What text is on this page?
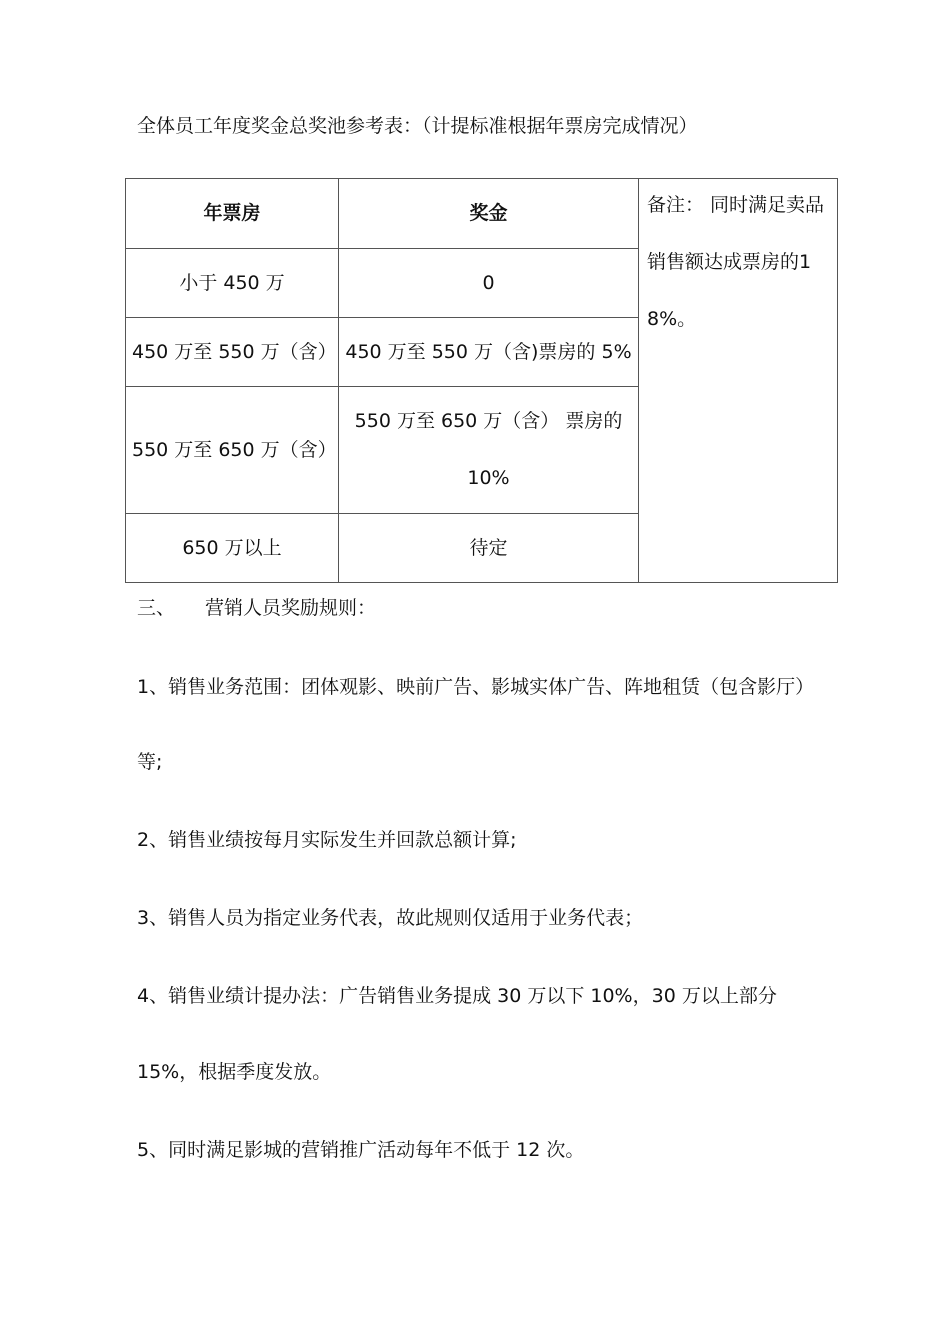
全体员工年度奖金总奖池参考表：（计提标准根据年票房完成情况）
年票房	奖金	备注： 同时满足卖品销售额达成票房的18%。

小于 450 万	0	
450 万至 550 万（含）	450 万至 550 万（含)票房的 5%	
550 万至 650 万（含）	550 万至 650 万（含） 票房的
10%	

650 万以上	待定	
三、 营销人员奖励规则：
1、销售业务范围：团体观影、映前广告、影城实体广告、阵地租赁（包含影厅）
等;
2、销售业绩按每月实际发生并回款总额计算;
3、销售人员为指定业务代表，故此规则仅适用于业务代表；
4、销售业绩计提办法：广告销售业务提成 30 万以下 10%，30 万以上部分
15%，根据季度发放。
5、同时满足影城的营销推广活动每年不低于 12 次。
